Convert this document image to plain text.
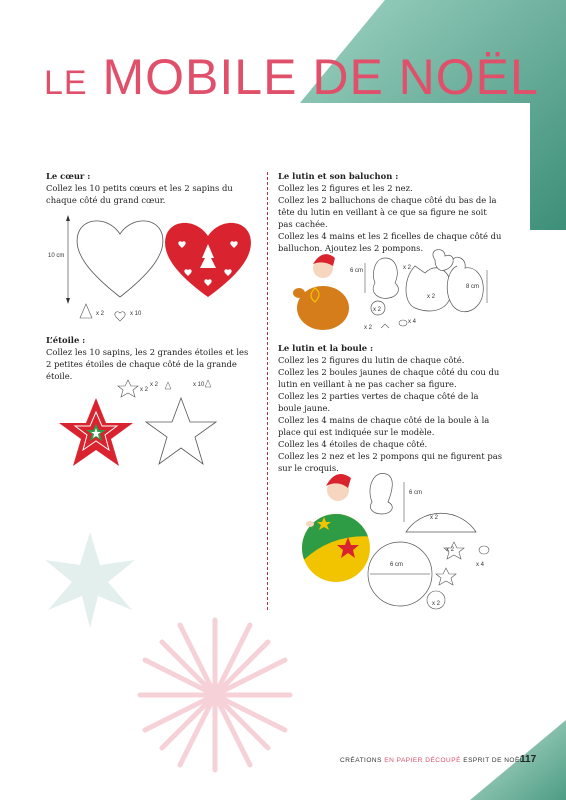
LE MOBILE DE NOËL

Le cœur :

Collez les 10 petits cœurs et les 2 sapins du chaque côté du grand cœur.

L’étoile :

Collez les 10 sapins, les 2 grandes étoiles et les 2 petites étoiles de chaque côté de la grande étoile.

10 cm
x 2	x 10
x 2
x 2	x 10

Le lutin et son baluchon :

Collez les 2 figures et les 2 nez.

Collez les 2 balluchons de chaque côté du bas de la tête du lutin en veillant à ce que sa figure ne soit pas cachée.

Collez les 4 mains et les 2 ficelles de chaque côté du balluchon. Ajoutez les 2 pompons.

6 cm
8 cm
x 2
x 2
x 2
x 4
x 2

Le lutin et la boule :

Collez les 2 figures du lutin de chaque côté.

Collez les 2 boules jaunes de chaque côté du cou du lutin en veillant à ne pas cacher sa figure.

Collez les 2 parties vertes de chaque côté de la boule jaune.

Collez les 4 mains de chaque côté de la boule à la place qui est indiquée sur le modèle.

Collez les 4 étoiles de chaque côté.

Collez les 2 nez et les 2 pompons qui ne figurent pas sur le croquis.

6 cm
6 cm
x 2
x 2
x 4
x 2
CRÉATIONS EN PAPIER DÉCOUPÉ ESPRIT DE NOËL
117
